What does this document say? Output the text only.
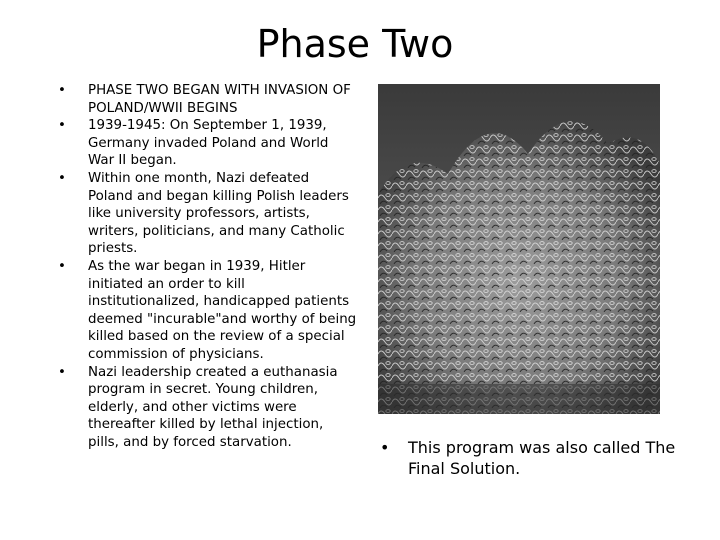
Phase Two
• PHASE TWO BEGAN WITH INVASION OF POLAND/WWII BEGINS
• 1939-1945: On September 1, 1939, Germany invaded Poland and World War II began.
• Within one month, Nazi defeated Poland and began killing Polish leaders like university professors, artists, writers, politicians, and many Catholic priests.
• As the war began in 1939, Hitler initiated an order to kill institutionalized, handicapped patients deemed "incurable"and worthy of being killed based on the review of a special commission of physicians.
• Nazi leadership created a euthanasia program in secret. Young children, elderly, and other victims were thereafter killed by lethal injection, pills, and by forced starvation.	• This program was also called The Final Solution.
